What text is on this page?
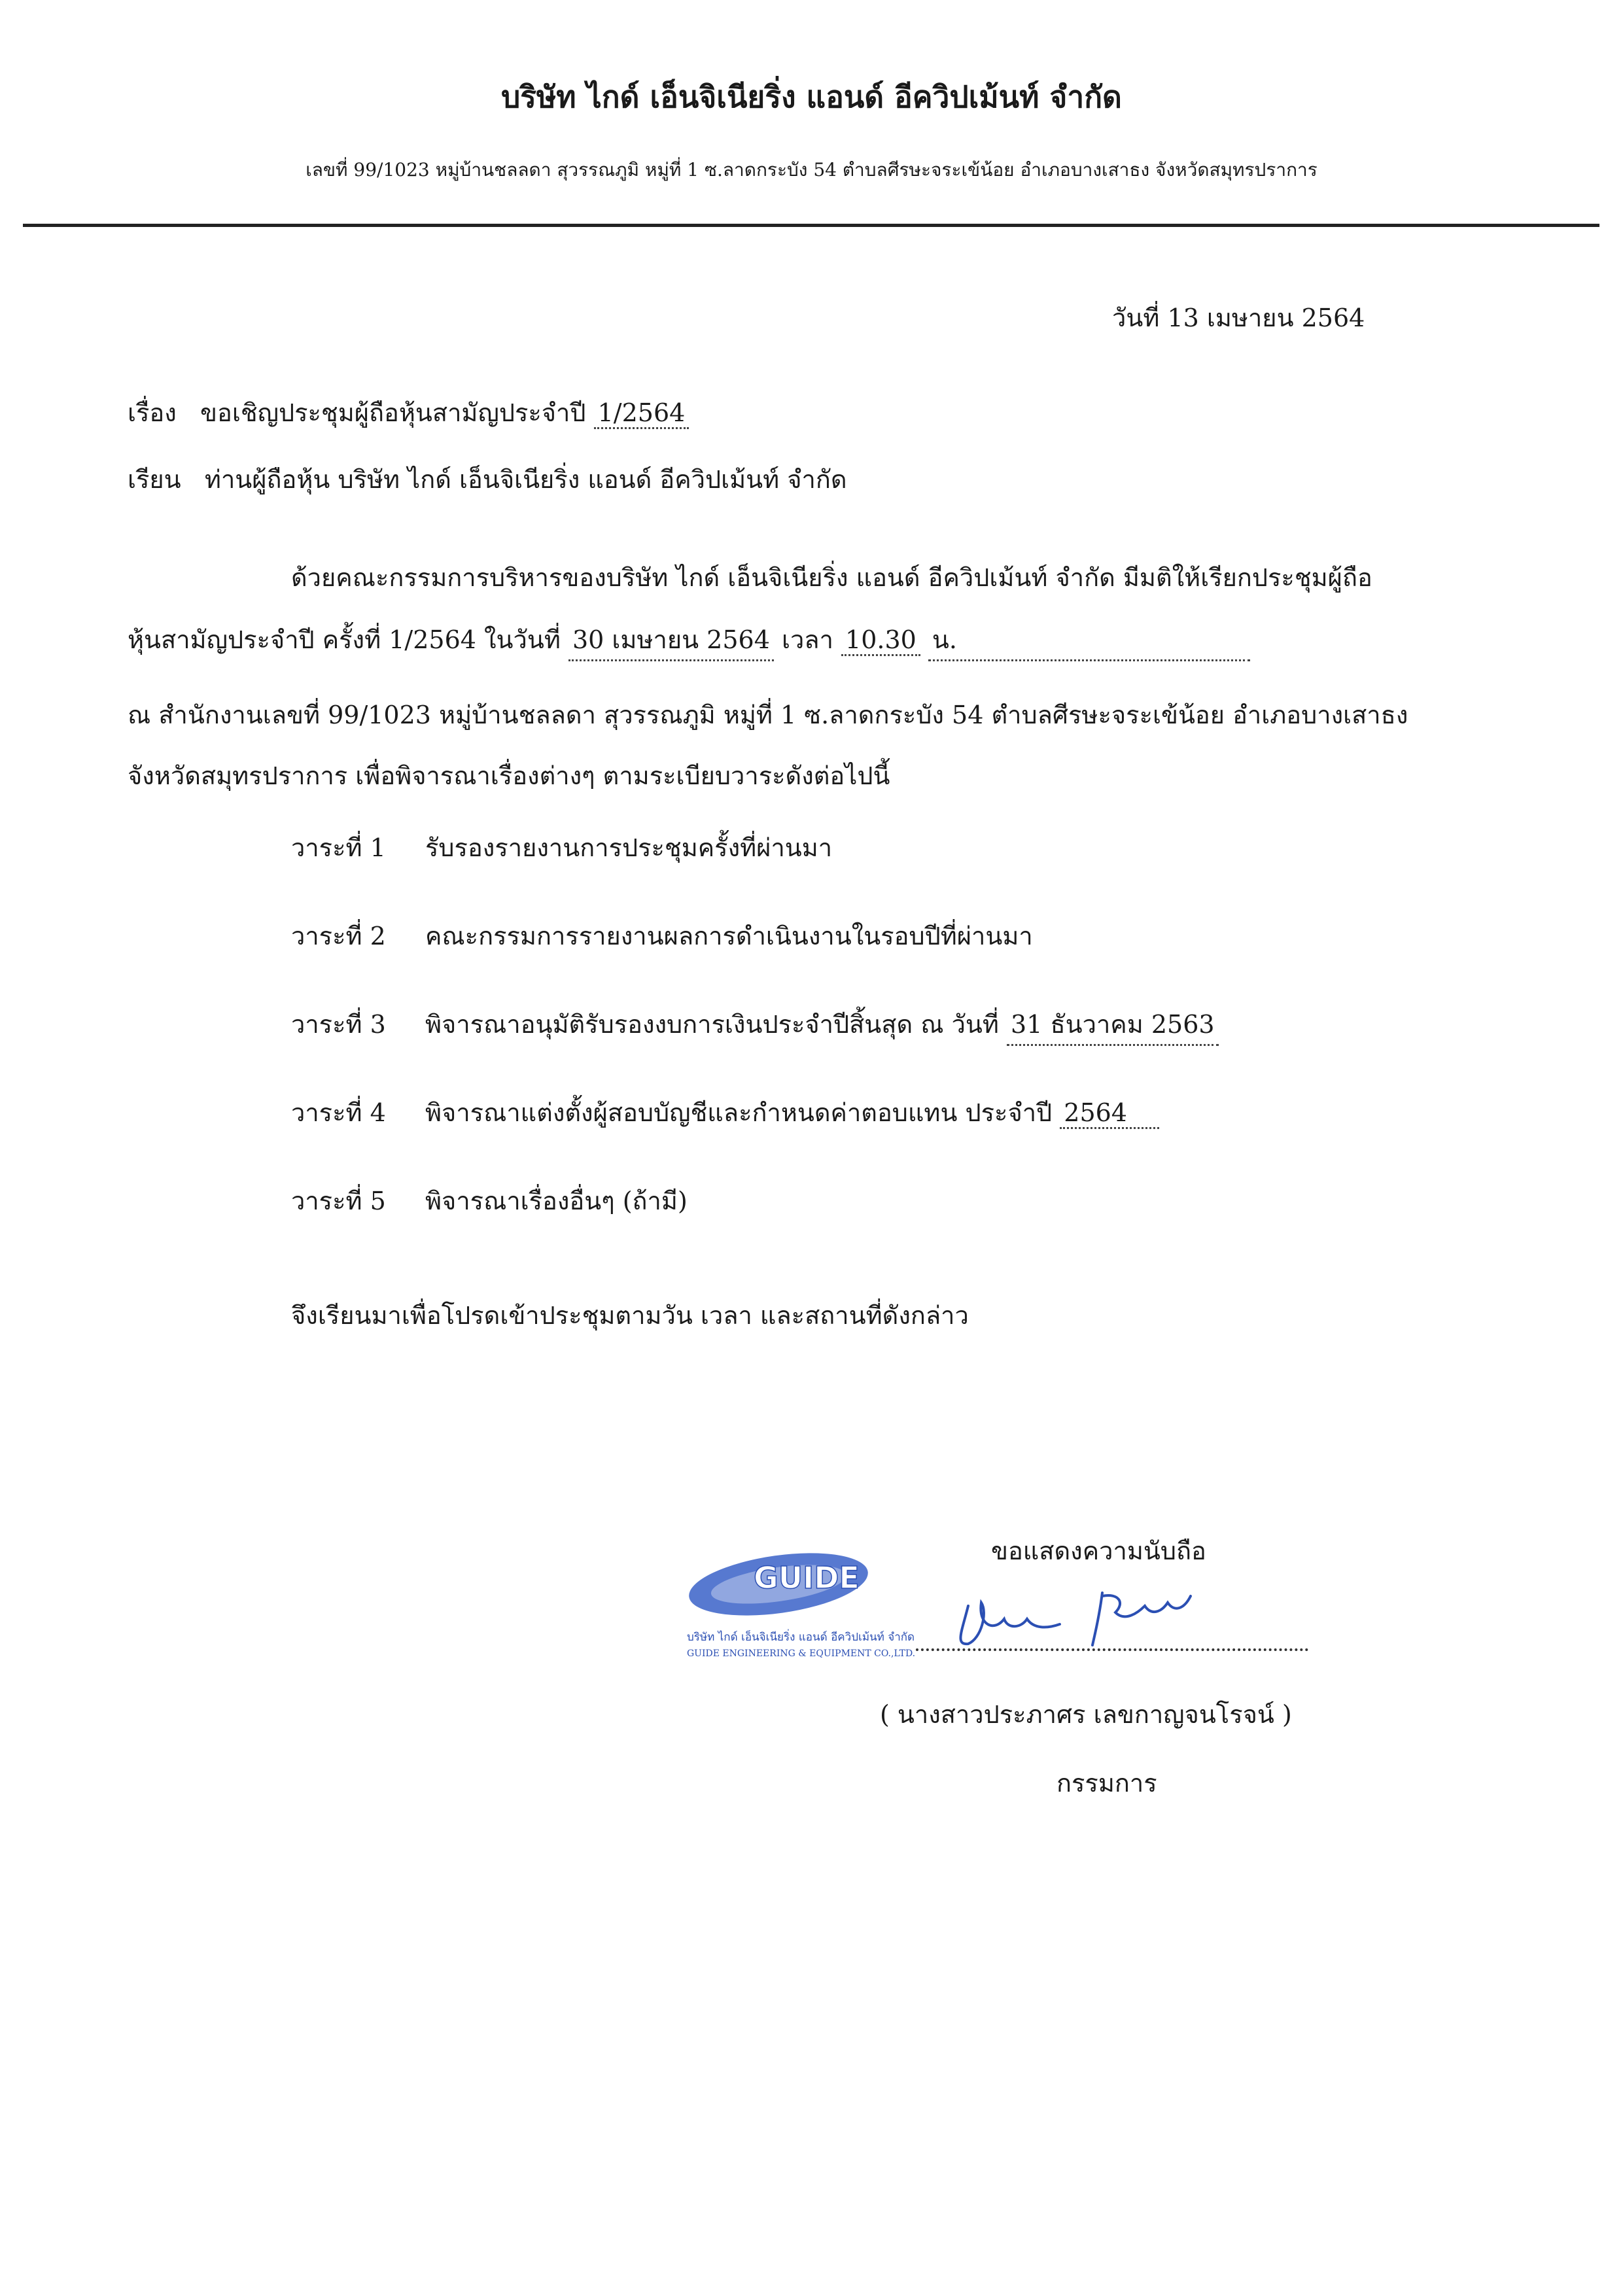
บริษัท ไกด์ เอ็นจิเนียริ่ง แอนด์ อีควิปเม้นท์ จำกัด
เลขที่ 99/1023 หมู่บ้านชลลดา สุวรรณภูมิ หมู่ที่ 1 ซ.ลาดกระบัง 54 ตำบลศีรษะจระเข้น้อย อำเภอบางเสาธง จังหวัดสมุทรปราการ
วันที่ 13 เมษายน 2564
เรื่อง ขอเชิญประชุมผู้ถือหุ้นสามัญประจำปี 1/2564
เรียน ท่านผู้ถือหุ้น บริษัท ไกด์ เอ็นจิเนียริ่ง แอนด์ อีควิปเม้นท์ จำกัด
ด้วยคณะกรรมการบริหารของบริษัท ไกด์ เอ็นจิเนียริ่ง แอนด์ อีควิปเม้นท์ จำกัด มีมติให้เรียกประชุมผู้ถือ
หุ้นสามัญประจำปี ครั้งที่ 1/2564 ในวันที่ 30 เมษายน 2564 เวลา 10.30 น.
ณ สำนักงานเลขที่ 99/1023 หมู่บ้านชลลดา สุวรรณภูมิ หมู่ที่ 1 ซ.ลาดกระบัง 54 ตำบลศีรษะจระเข้น้อย อำเภอบางเสาธง
จังหวัดสมุทรปราการ เพื่อพิจารณาเรื่องต่างๆ ตามระเบียบวาระดังต่อไปนี้
วาระที่ 1 รับรองรายงานการประชุมครั้งที่ผ่านมา
วาระที่ 2 คณะกรรมการรายงานผลการดำเนินงานในรอบปีที่ผ่านมา
วาระที่ 3 พิจารณาอนุมัติรับรองงบการเงินประจำปีสิ้นสุด ณ วันที่ 31 ธันวาคม 2563
วาระที่ 4 พิจารณาแต่งตั้งผู้สอบบัญชีและกำหนดค่าตอบแทน ประจำปี 2564
วาระที่ 5 พิจารณาเรื่องอื่นๆ (ถ้ามี)
จึงเรียนมาเพื่อโปรดเข้าประชุมตามวัน เวลา และสถานที่ดังกล่าว
ขอแสดงความนับถือ
GUIDE
บริษัท ไกด์ เอ็นจิเนียริ่ง แอนด์ อีควิปเม้นท์ จำกัด
GUIDE ENGINEERING & EQUIPMENT CO.,LTD.
( นางสาวประภาศร เลขกาญจนโรจน์ )
กรรมการ
